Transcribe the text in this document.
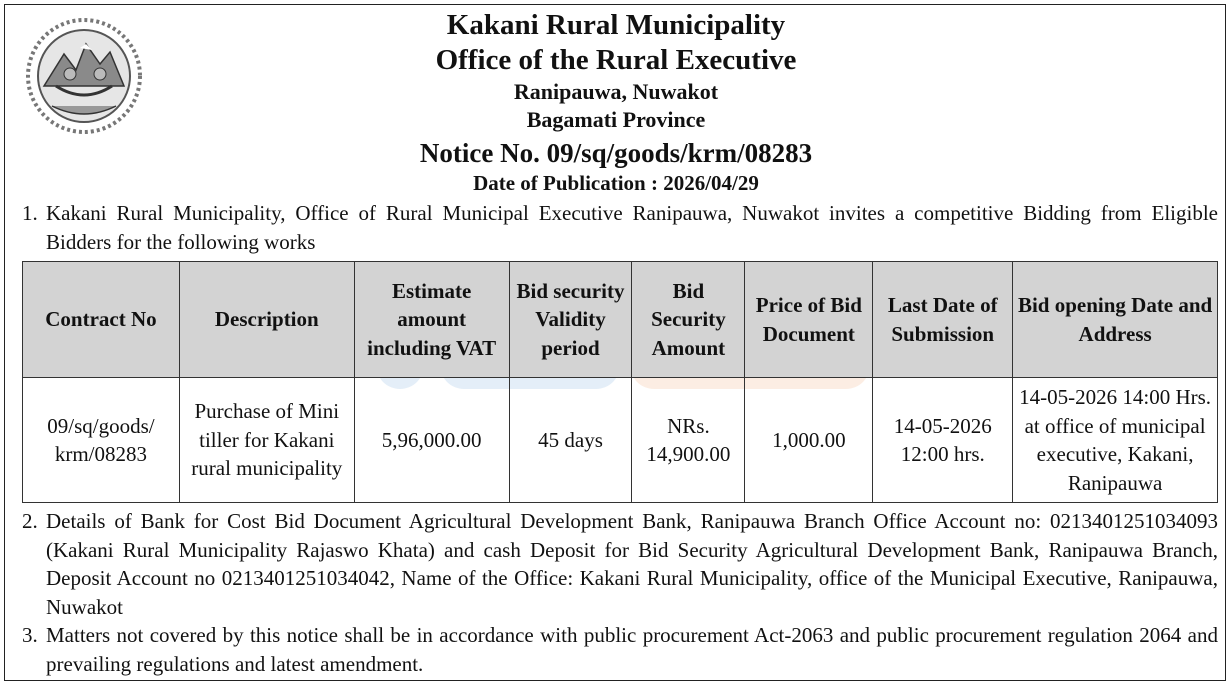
Kakani Rural Municipality
Office of the Rural Executive
Ranipauwa, Nuwakot
Bagamati Province
Notice No. 09/sq/goods/krm/08283
Date of Publication : 2026/04/29
1. Kakani Rural Municipality, Office of Rural Municipal Executive Ranipauwa, Nuwakot invites a competitive Bidding from Eligible Bidders for the following works
Contract No	Description	Estimate amount including VAT	Bid security Validity period	Bid Security Amount	Price of Bid Document	Last Date of Submission	Bid opening Date and Address
09/sq/goods/ krm/08283	Purchase of Mini tiller for Kakani rural municipality	5,96,000.00	45 days	NRs. 14,900.00	1,000.00	14-05-2026 12:00 hrs.	14-05-2026 14:00 Hrs. at office of municipal executive, Kakani, Ranipauwa
2. Details of Bank for Cost Bid Document Agricultural Development Bank, Ranipauwa Branch Office Account no: 0213401251034093 (Kakani Rural Municipality Rajaswo Khata) and cash Deposit for Bid Security Agricultural Development Bank, Ranipauwa Branch, Deposit Account no 0213401251034042, Name of the Office: Kakani Rural Municipality, office of the Municipal Executive, Ranipauwa, Nuwakot
3. Matters not covered by this notice shall be in accordance with public procurement Act-2063 and public procurement regulation 2064 and prevailing regulations and latest amendment.
